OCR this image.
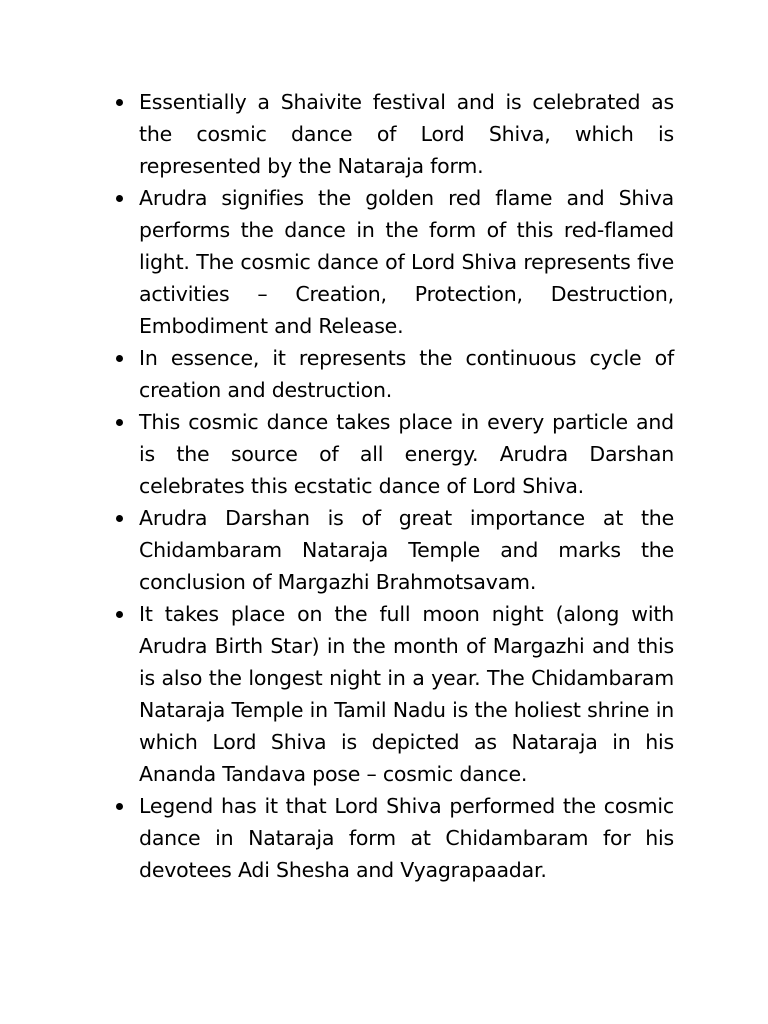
Essentially a Shaivite festival and is celebrated as the cosmic dance of Lord Shiva, which is represented by the Nataraja form.
Arudra signifies the golden red flame and Shiva performs the dance in the form of this red-flamed light. The cosmic dance of Lord Shiva represents five activities – Creation, Protection, Destruction, Embodiment and Release.
In essence, it represents the continuous cycle of creation and destruction.
This cosmic dance takes place in every particle and is the source of all energy. Arudra Darshan celebrates this ecstatic dance of Lord Shiva.
Arudra Darshan is of great importance at the Chidambaram Nataraja Temple and marks the conclusion of Margazhi Brahmotsavam.
It takes place on the full moon night (along with Arudra Birth Star) in the month of Margazhi and this is also the longest night in a year. The Chidambaram Nataraja Temple in Tamil Nadu is the holiest shrine in which Lord Shiva is depicted as Nataraja in his Ananda Tandava pose – cosmic dance.
Legend has it that Lord Shiva performed the cosmic dance in Nataraja form at Chidambaram for his devotees Adi Shesha and Vyagrapaadar.
